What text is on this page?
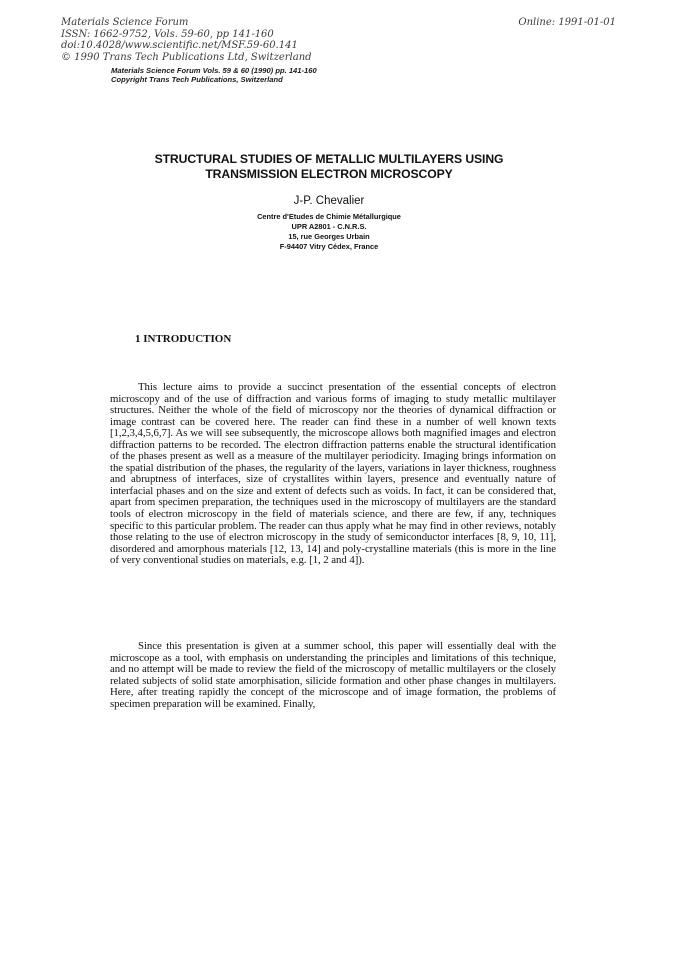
Materials Science Forum
ISSN: 1662-9752, Vols. 59-60, pp 141-160
doi:10.4028/www.scientific.net/MSF.59-60.141
© 1990 Trans Tech Publications Ltd, Switzerland
Online: 1991-01-01
Materials Science Forum Vols. 59 & 60 (1990) pp. 141-160
Copyright Trans Tech Publications, Switzerland
STRUCTURAL STUDIES OF METALLIC MULTILAYERS USING
TRANSMISSION ELECTRON MICROSCOPY
J-P. Chevalier
Centre d'Etudes de Chimie Métallurgique
UPR A2801 - C.N.R.S.
15, rue Georges Urbain
F-94407 Vitry Cédex, France
1 INTRODUCTION

This lecture aims to provide a succinct presentation of the essential concepts of electron microscopy and of the use of diffraction and various forms of imaging to study metallic multilayer structures. Neither the whole of the field of microscopy nor the theories of dynamical diffraction or image contrast can be covered here. The reader can find these in a number of well known texts [1,2,3,4,5,6,7]. As we will see subsequently, the microscope allows both magnified images and electron diffraction patterns to be recorded. The electron diffraction patterns enable the structural identification of the phases present as well as a measure of the multilayer periodicity. Imaging brings information on the spatial distribution of the phases, the regularity of the layers, variations in layer thickness, roughness and abruptness of interfaces, size of crystallites within layers, presence and eventually nature of interfacial phases and on the size and extent of defects such as voids. In fact, it can be considered that, apart from specimen preparation, the techniques used in the microscopy of multilayers are the standard tools of electron microscopy in the field of materials science, and there are few, if any, techniques specific to this particular problem. The reader can thus apply what he may find in other reviews, notably those relating to the use of electron microscopy in the study of semiconductor interfaces [8, 9, 10, 11], disordered and amorphous materials [12, 13, 14] and poly-crystalline materials (this is more in the line of very conventional studies on materials, e.g. [1, 2 and 4]).

Since this presentation is given at a summer school, this paper will essentially deal with the microscope as a tool, with emphasis on understanding the principles and limitations of this technique, and no attempt will be made to review the field of the microscopy of metallic multilayers or the closely related subjects of solid state amorphisation, silicide formation and other phase changes in multilayers. Here, after treating rapidly the concept of the microscope and of image formation, the problems of specimen preparation will be examined. Finally,
